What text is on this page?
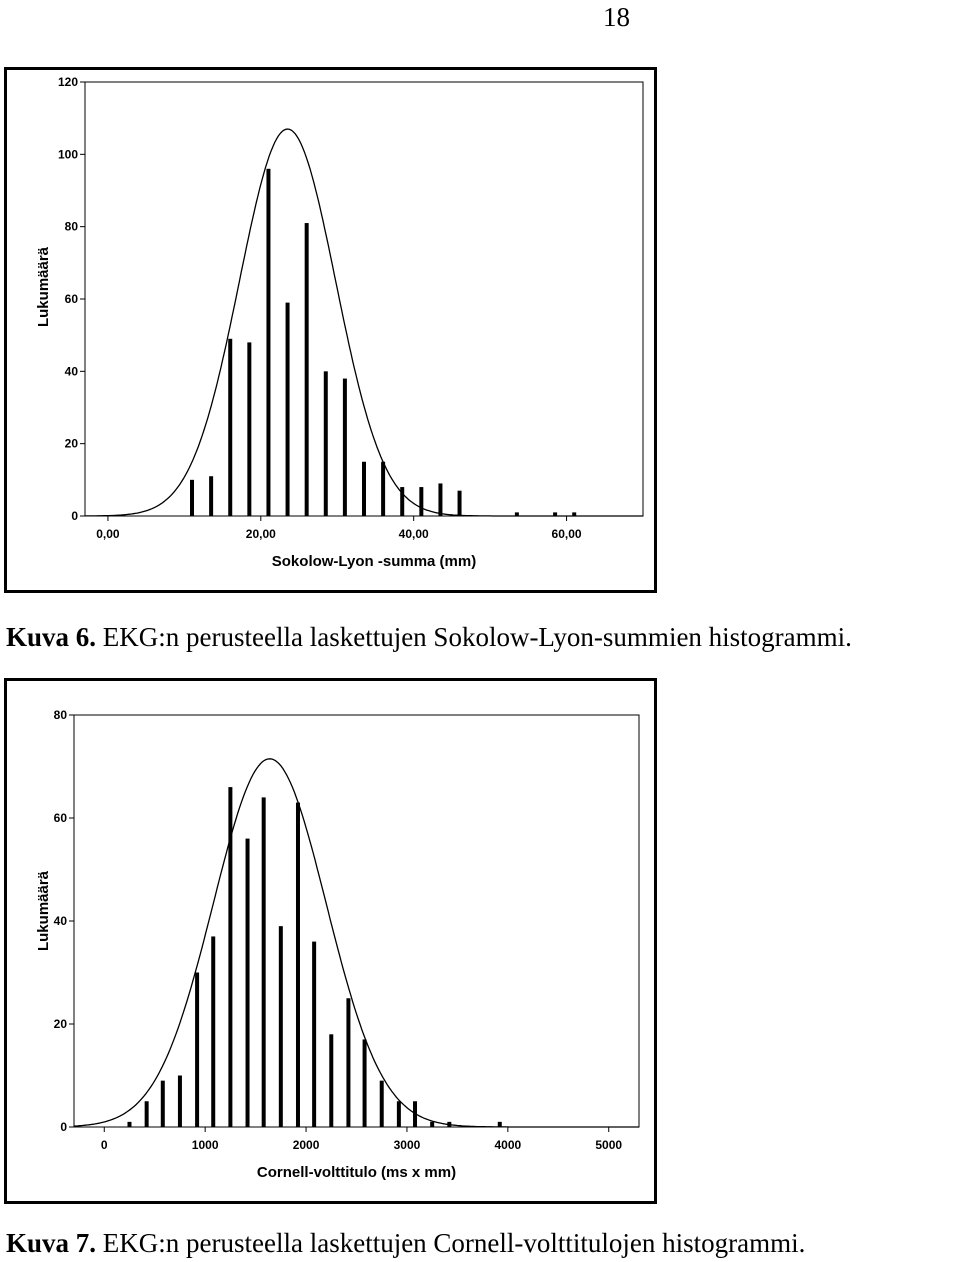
18
0
20
40
60
80
100
120
0,00	20,00	40,00	60,00
Sokolow-Lyon -summa (mm)
Lukumäärä
Kuva 6. EKG:n perusteella laskettujen Sokolow-Lyon-summien histogrammi.
0
20
40
60
80
0	1000	2000	3000	4000	5000
Cornell-volttitulo (ms x mm)
Lukumäärä
Kuva 7. EKG:n perusteella laskettujen Cornell-volttitulojen histogrammi.
